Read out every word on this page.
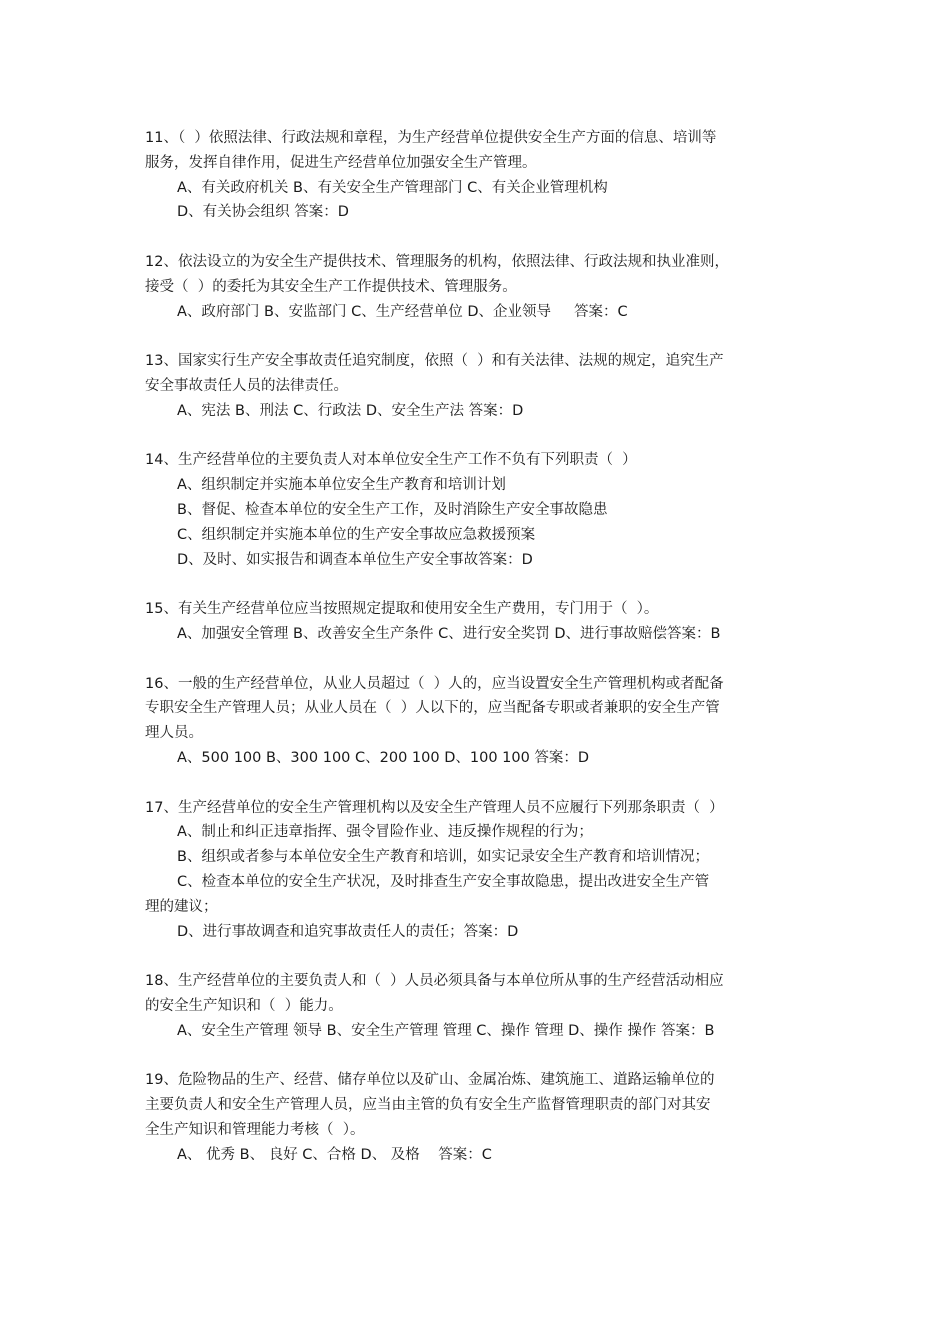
11、（  ）依照法律、行政法规和章程，为生产经营单位提供安全生产方面的信息、培训等
服务，发挥自律作用，促进生产经营单位加强安全生产管理。
A、有关政府机关 B、有关安全生产管理部门 C、有关企业管理机构
D、有关协会组织 答案：D
12、依法设立的为安全生产提供技术、管理服务的机构，依照法律、行政法规和执业准则，
接受（  ）的委托为其安全生产工作提供技术、管理服务。
A、政府部门 B、安监部门 C、生产经营单位 D、企业领导     答案：C
13、国家实行生产安全事故责任追究制度，依照（  ）和有关法律、法规的规定，追究生产
安全事故责任人员的法律责任。
A、宪法 B、刑法 C、行政法 D、安全生产法 答案：D
14、生产经营单位的主要负责人对本单位安全生产工作不负有下列职责（  ）
A、组织制定并实施本单位安全生产教育和培训计划
B、督促、检查本单位的安全生产工作，及时消除生产安全事故隐患
C、组织制定并实施本单位的生产安全事故应急救援预案
D、及时、如实报告和调查本单位生产安全事故答案：D
15、有关生产经营单位应当按照规定提取和使用安全生产费用，专门用于（  ）。
A、加强安全管理 B、改善安全生产条件 C、进行安全奖罚 D、进行事故赔偿答案：B
16、一般的生产经营单位，从业人员超过（  ）人的，应当设置安全生产管理机构或者配备
专职安全生产管理人员；从业人员在（  ）人以下的，应当配备专职或者兼职的安全生产管
理人员。
A、500 100 B、300 100 C、200 100 D、100 100 答案：D
17、生产经营单位的安全生产管理机构以及安全生产管理人员不应履行下列那条职责（  ）
A、制止和纠正违章指挥、强令冒险作业、违反操作规程的行为；
B、组织或者参与本单位安全生产教育和培训，如实记录安全生产教育和培训情况；
C、检查本单位的安全生产状况，及时排查生产安全事故隐患，提出改进安全生产管
理的建议；
D、进行事故调查和追究事故责任人的责任；答案：D
18、生产经营单位的主要负责人和（  ）人员必须具备与本单位所从事的生产经营活动相应
的安全生产知识和（  ）能力。
A、安全生产管理 领导 B、安全生产管理 管理 C、操作 管理 D、操作 操作 答案：B
19、危险物品的生产、经营、储存单位以及矿山、金属冶炼、建筑施工、道路运输单位的
主要负责人和安全生产管理人员，应当由主管的负有安全生产监督管理职责的部门对其安
全生产知识和管理能力考核（  ）。
A、 优秀 B、 良好 C、合格 D、 及格    答案：C
